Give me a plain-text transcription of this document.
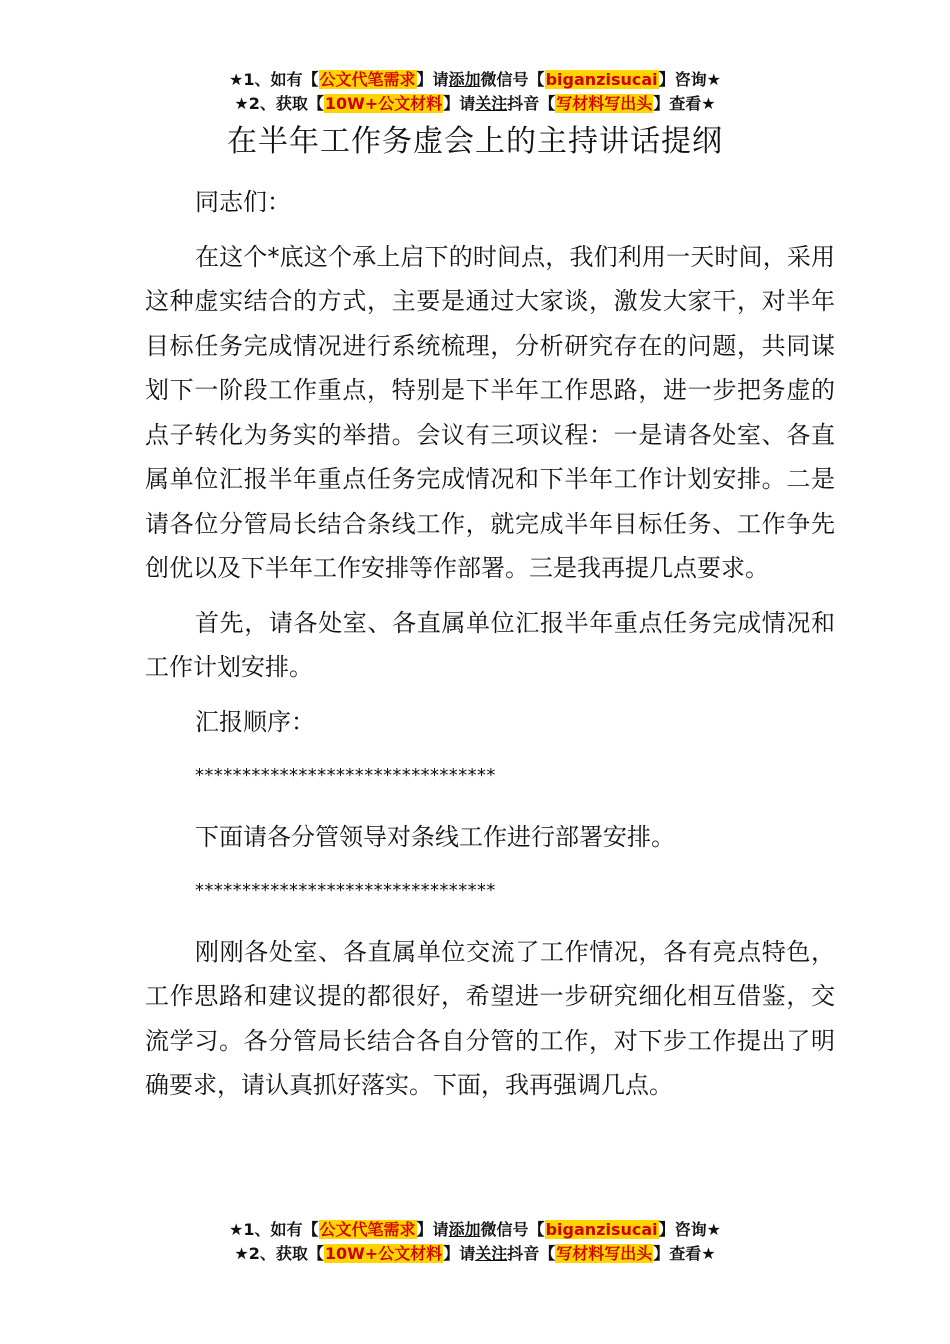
★1、如有【公文代笔需求】请添加微信号【biganzisucai】咨询★
★2、获取【10W+公文材料】请关注抖音【写材料写出头】查看★
在半年工作务虚会上的主持讲话提纲

同志们：

在这个*底这个承上启下的时间点，我们利用一天时间，采用这种虚实结合的方式，主要是通过大家谈，激发大家干，对半年目标任务完成情况进行系统梳理，分析研究存在的问题，共同谋划下一阶段工作重点，特别是下半年工作思路，进一步把务虚的点子转化为务实的举措。会议有三项议程：一是请各处室、各直属单位汇报半年重点任务完成情况和下半年工作计划安排。二是请各位分管局长结合条线工作，就完成半年目标任务、工作争先创优以及下半年工作安排等作部署。三是我再提几点要求。

首先，请各处室、各直属单位汇报半年重点任务完成情况和工作计划安排。

汇报顺序：

********************************

下面请各分管领导对条线工作进行部署安排。

********************************

刚刚各处室、各直属单位交流了工作情况，各有亮点特色，工作思路和建议提的都很好，希望进一步研究细化相互借鉴，交流学习。各分管局长结合各自分管的工作，对下步工作提出了明确要求，请认真抓好落实。下面，我再强调几点。

★1、如有【公文代笔需求】请添加微信号【biganzisucai】咨询★
★2、获取【10W+公文材料】请关注抖音【写材料写出头】查看★
